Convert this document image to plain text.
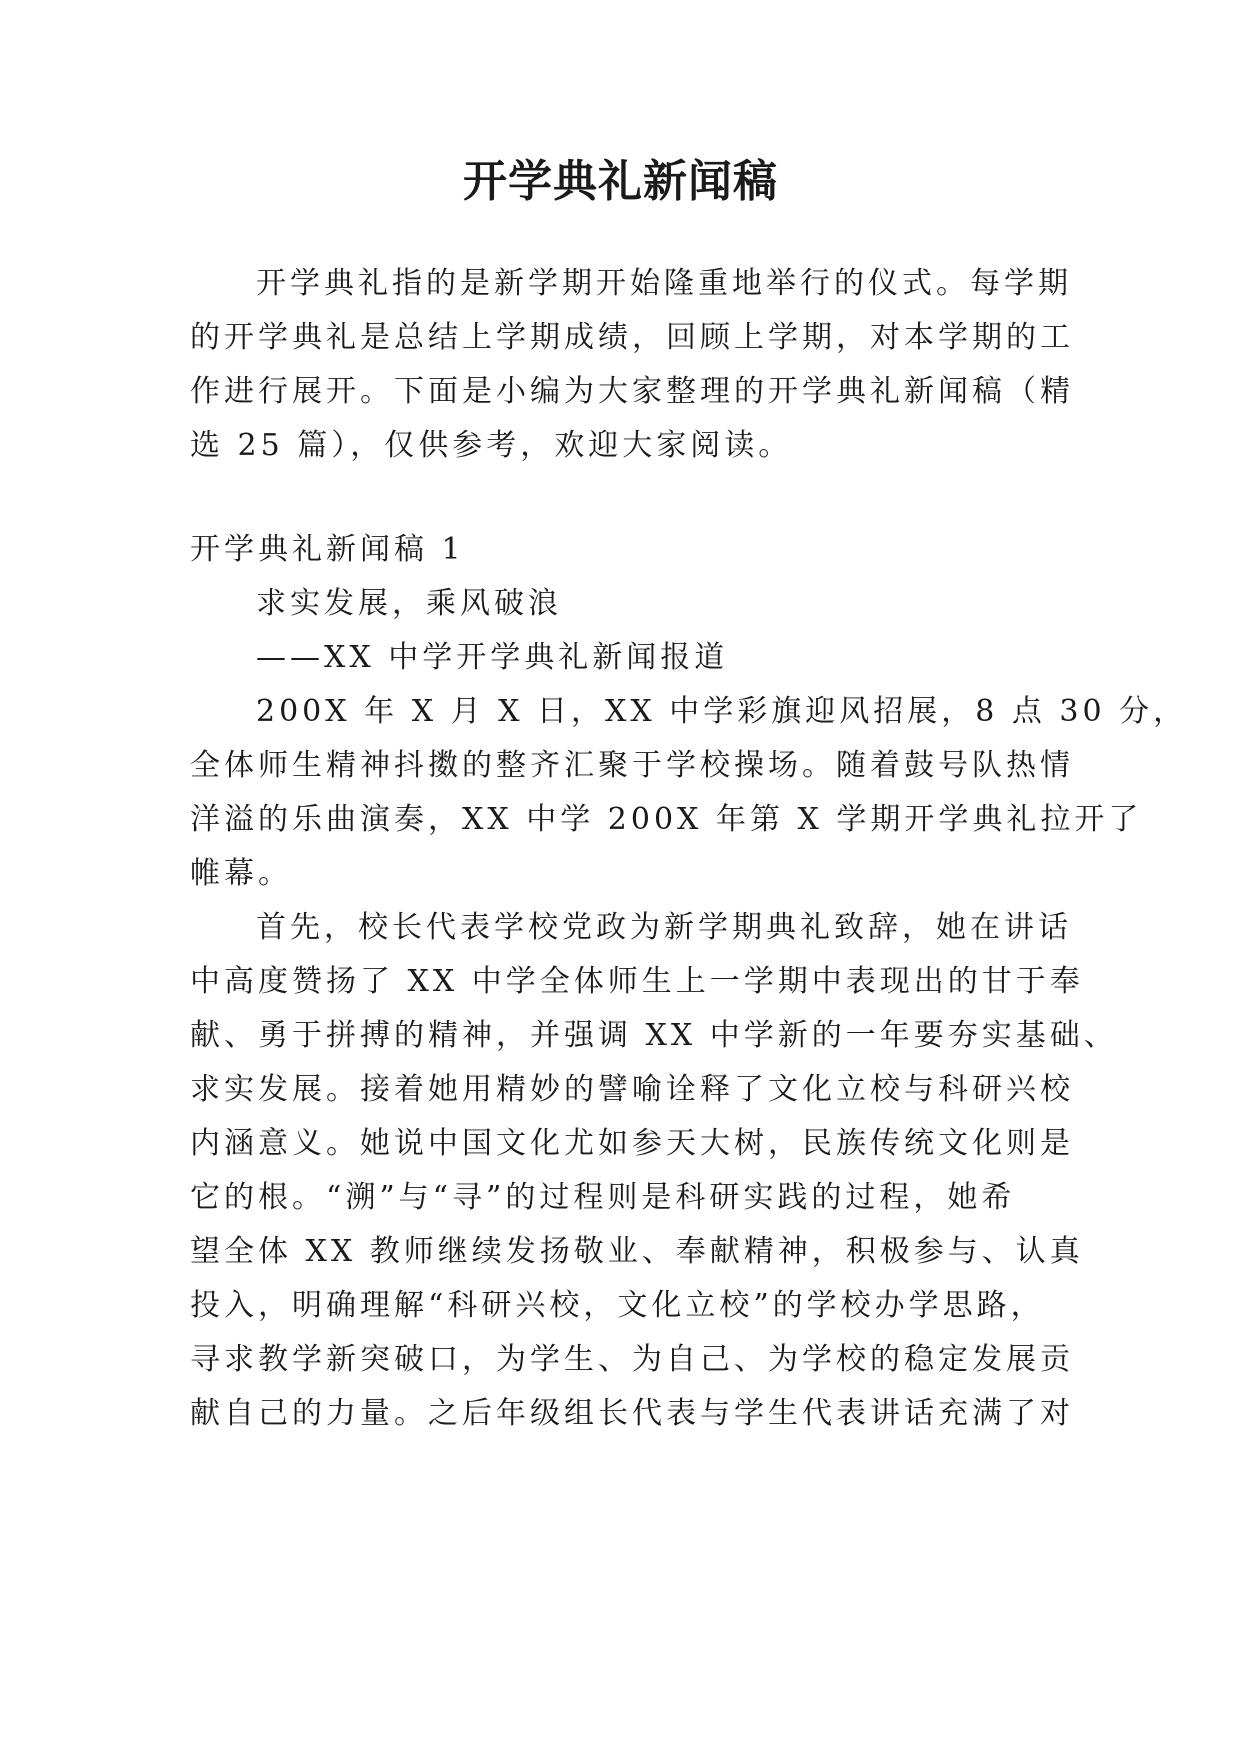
开学典礼新闻稿
开学典礼指的是新学期开始隆重地举行的仪式。每学期
的开学典礼是总结上学期成绩，回顾上学期，对本学期的工
作进行展开。下面是小编为大家整理的开学典礼新闻稿（精
选 25 篇），仅供参考，欢迎大家阅读。
开学典礼新闻稿 1
求实发展，乘风破浪
——XX 中学开学典礼新闻报道
200X 年 X 月 X 日，XX 中学彩旗迎风招展，8 点 30 分，
全体师生精神抖擞的整齐汇聚于学校操场。随着鼓号队热情
洋溢的乐曲演奏，XX 中学 200X 年第 X 学期开学典礼拉开了
帷幕。
首先，校长代表学校党政为新学期典礼致辞，她在讲话
中高度赞扬了 XX 中学全体师生上一学期中表现出的甘于奉
献、勇于拼搏的精神，并强调 XX 中学新的一年要夯实基础、
求实发展。接着她用精妙的譬喻诠释了文化立校与科研兴校
内涵意义。她说中国文化尤如参天大树，民族传统文化则是
它的根。“溯”与“寻”的过程则是科研实践的过程，她希
望全体 XX 教师继续发扬敬业、奉献精神，积极参与、认真
投入，明确理解“科研兴校，文化立校”的学校办学思路，
寻求教学新突破口，为学生、为自己、为学校的稳定发展贡
献自己的力量。之后年级组长代表与学生代表讲话充满了对
